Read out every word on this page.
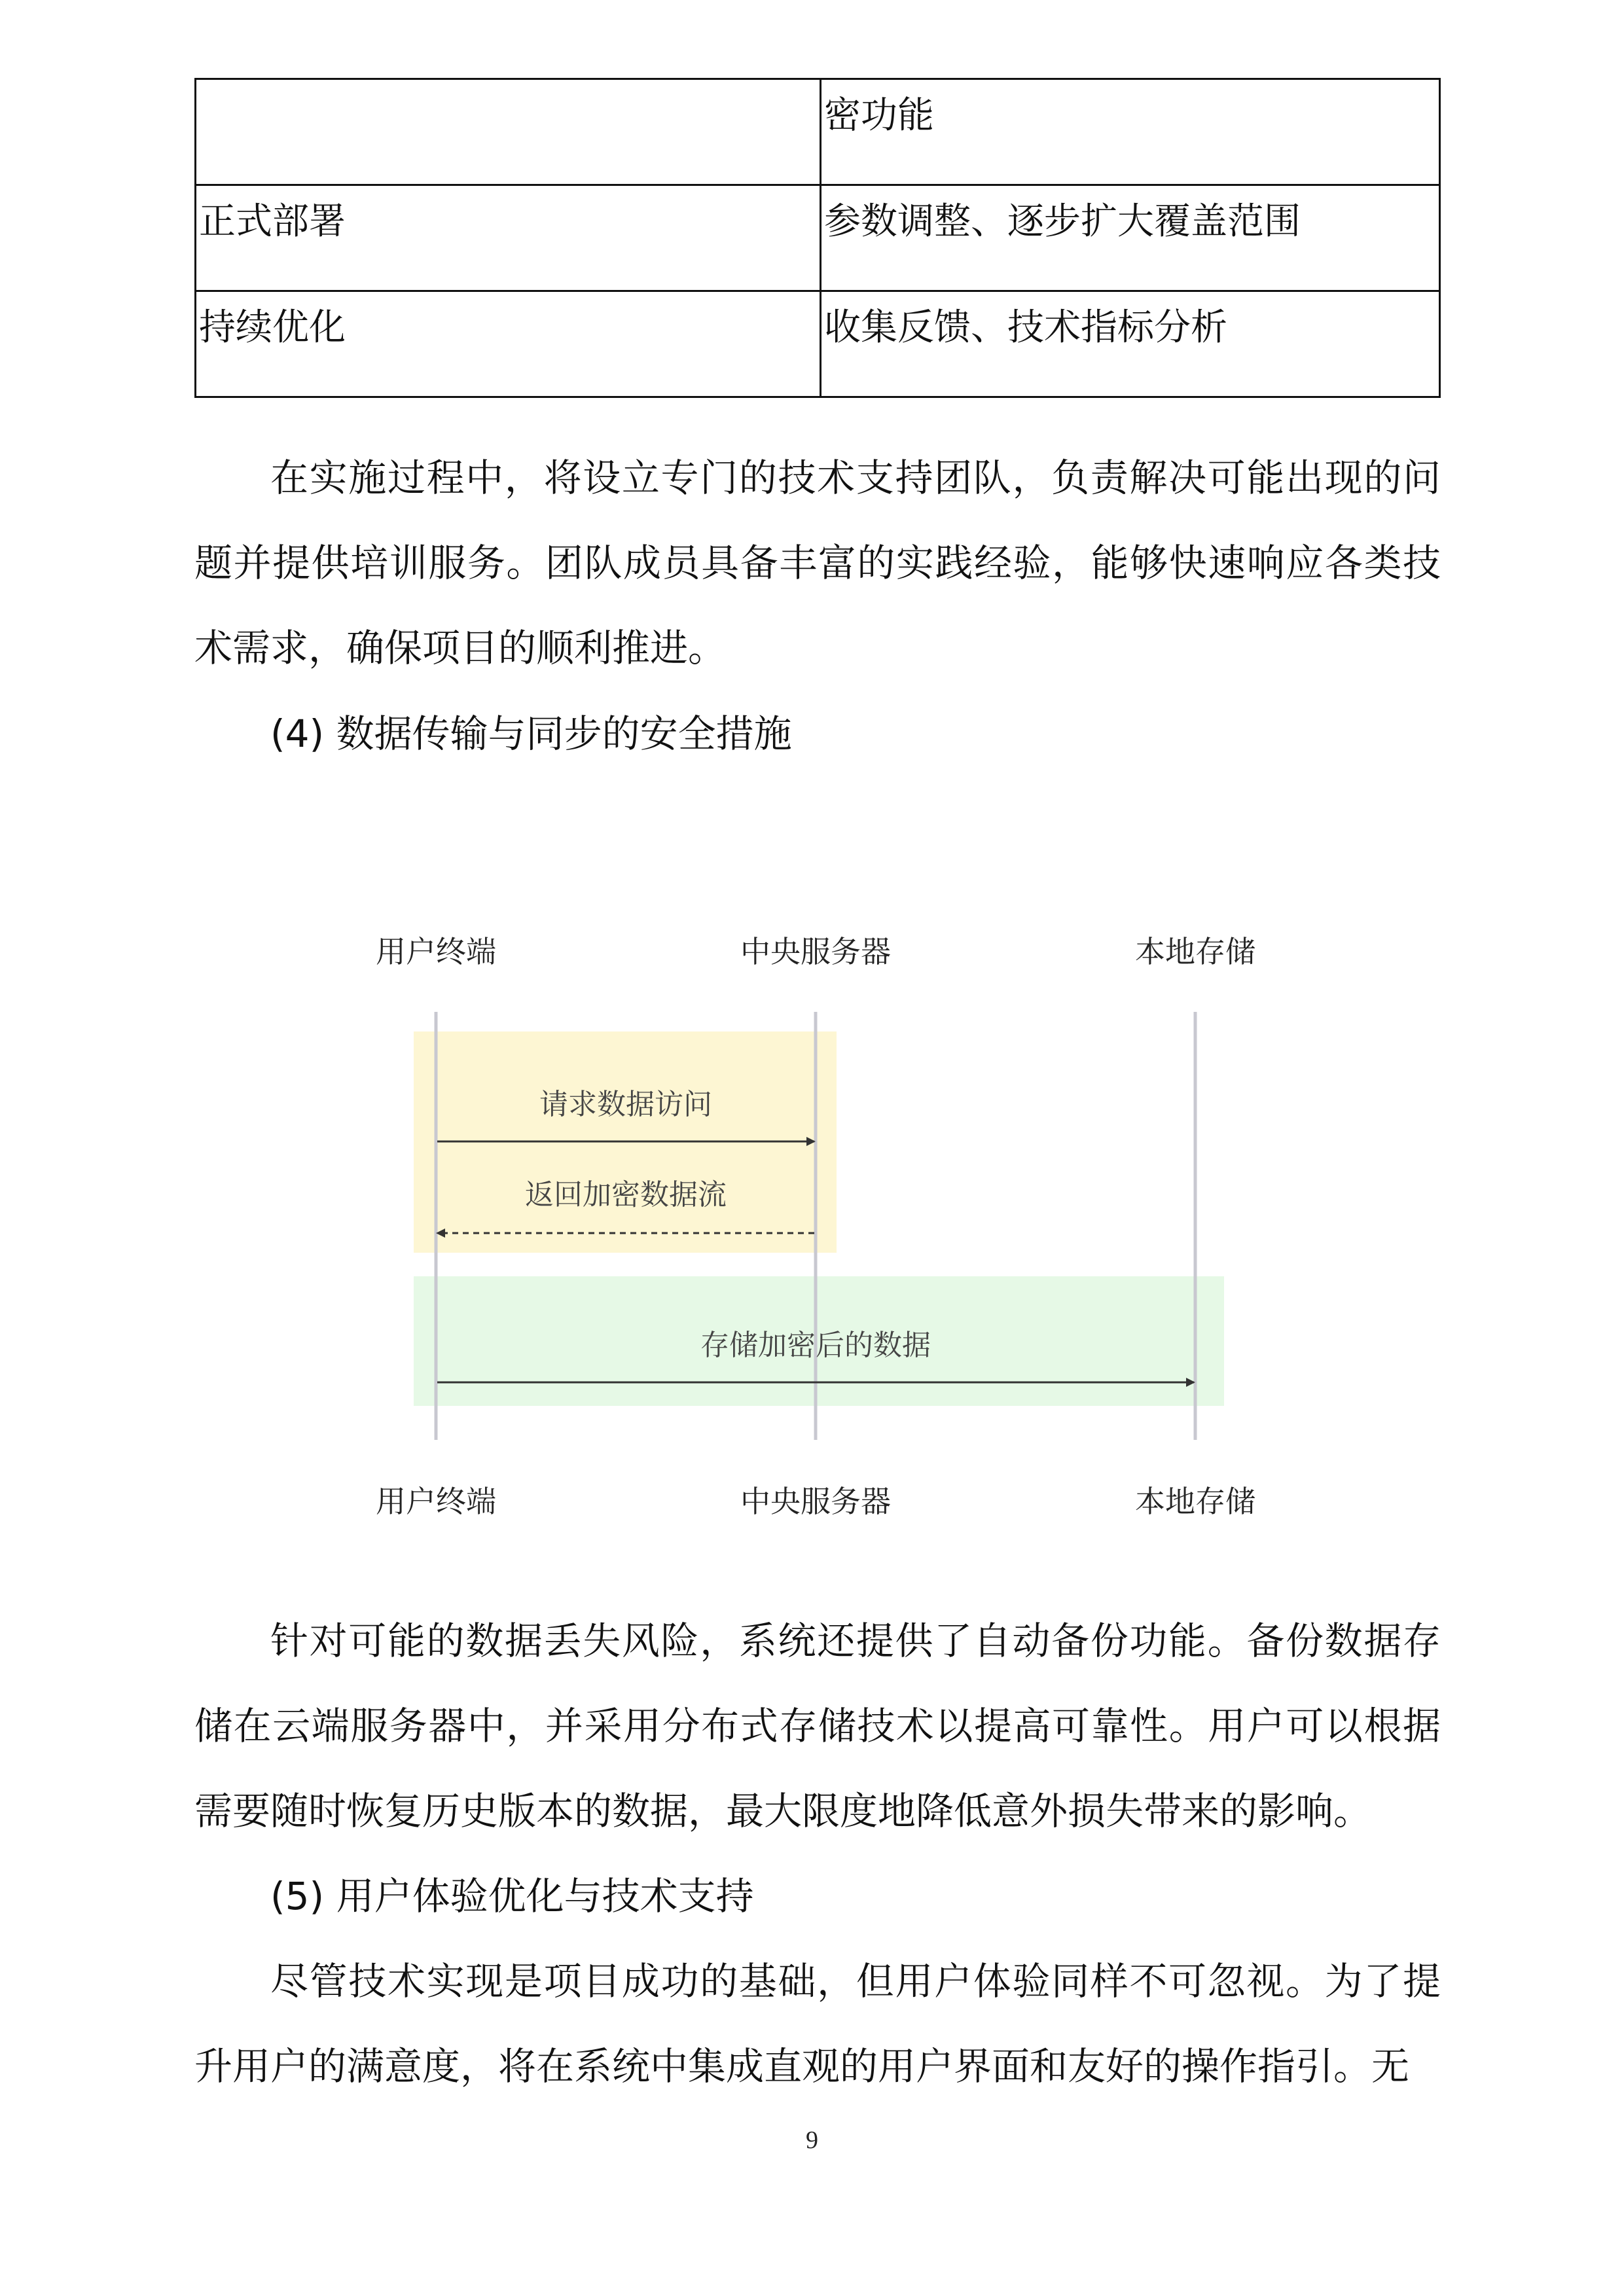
	密功能
正式部署	参数调整、逐步扩大覆盖范围
持续优化	收集反馈、技术指标分析

在实施过程中，将设立专门的技术支持团队，负责解决可能出现的问题并提供培训服务。团队成员具备丰富的实践经验，能够快速响应各类技术需求，确保项目的顺利推进。

(4) 数据传输与同步的安全措施

用户终端	中央服务器	本地存储
请求数据访问
返回加密数据流
存储加密后的数据
用户终端	中央服务器	本地存储

针对可能的数据丢失风险，系统还提供了自动备份功能。备份数据存储在云端服务器中，并采用分布式存储技术以提高可靠性。用户可以根据需要随时恢复历史版本的数据，最大限度地降低意外损失带来的影响。

(5) 用户体验优化与技术支持

尽管技术实现是项目成功的基础，但用户体验同样不可忽视。为了提升用户的满意度，将在系统中集成直观的用户界面和友好的操作指引。无

9
